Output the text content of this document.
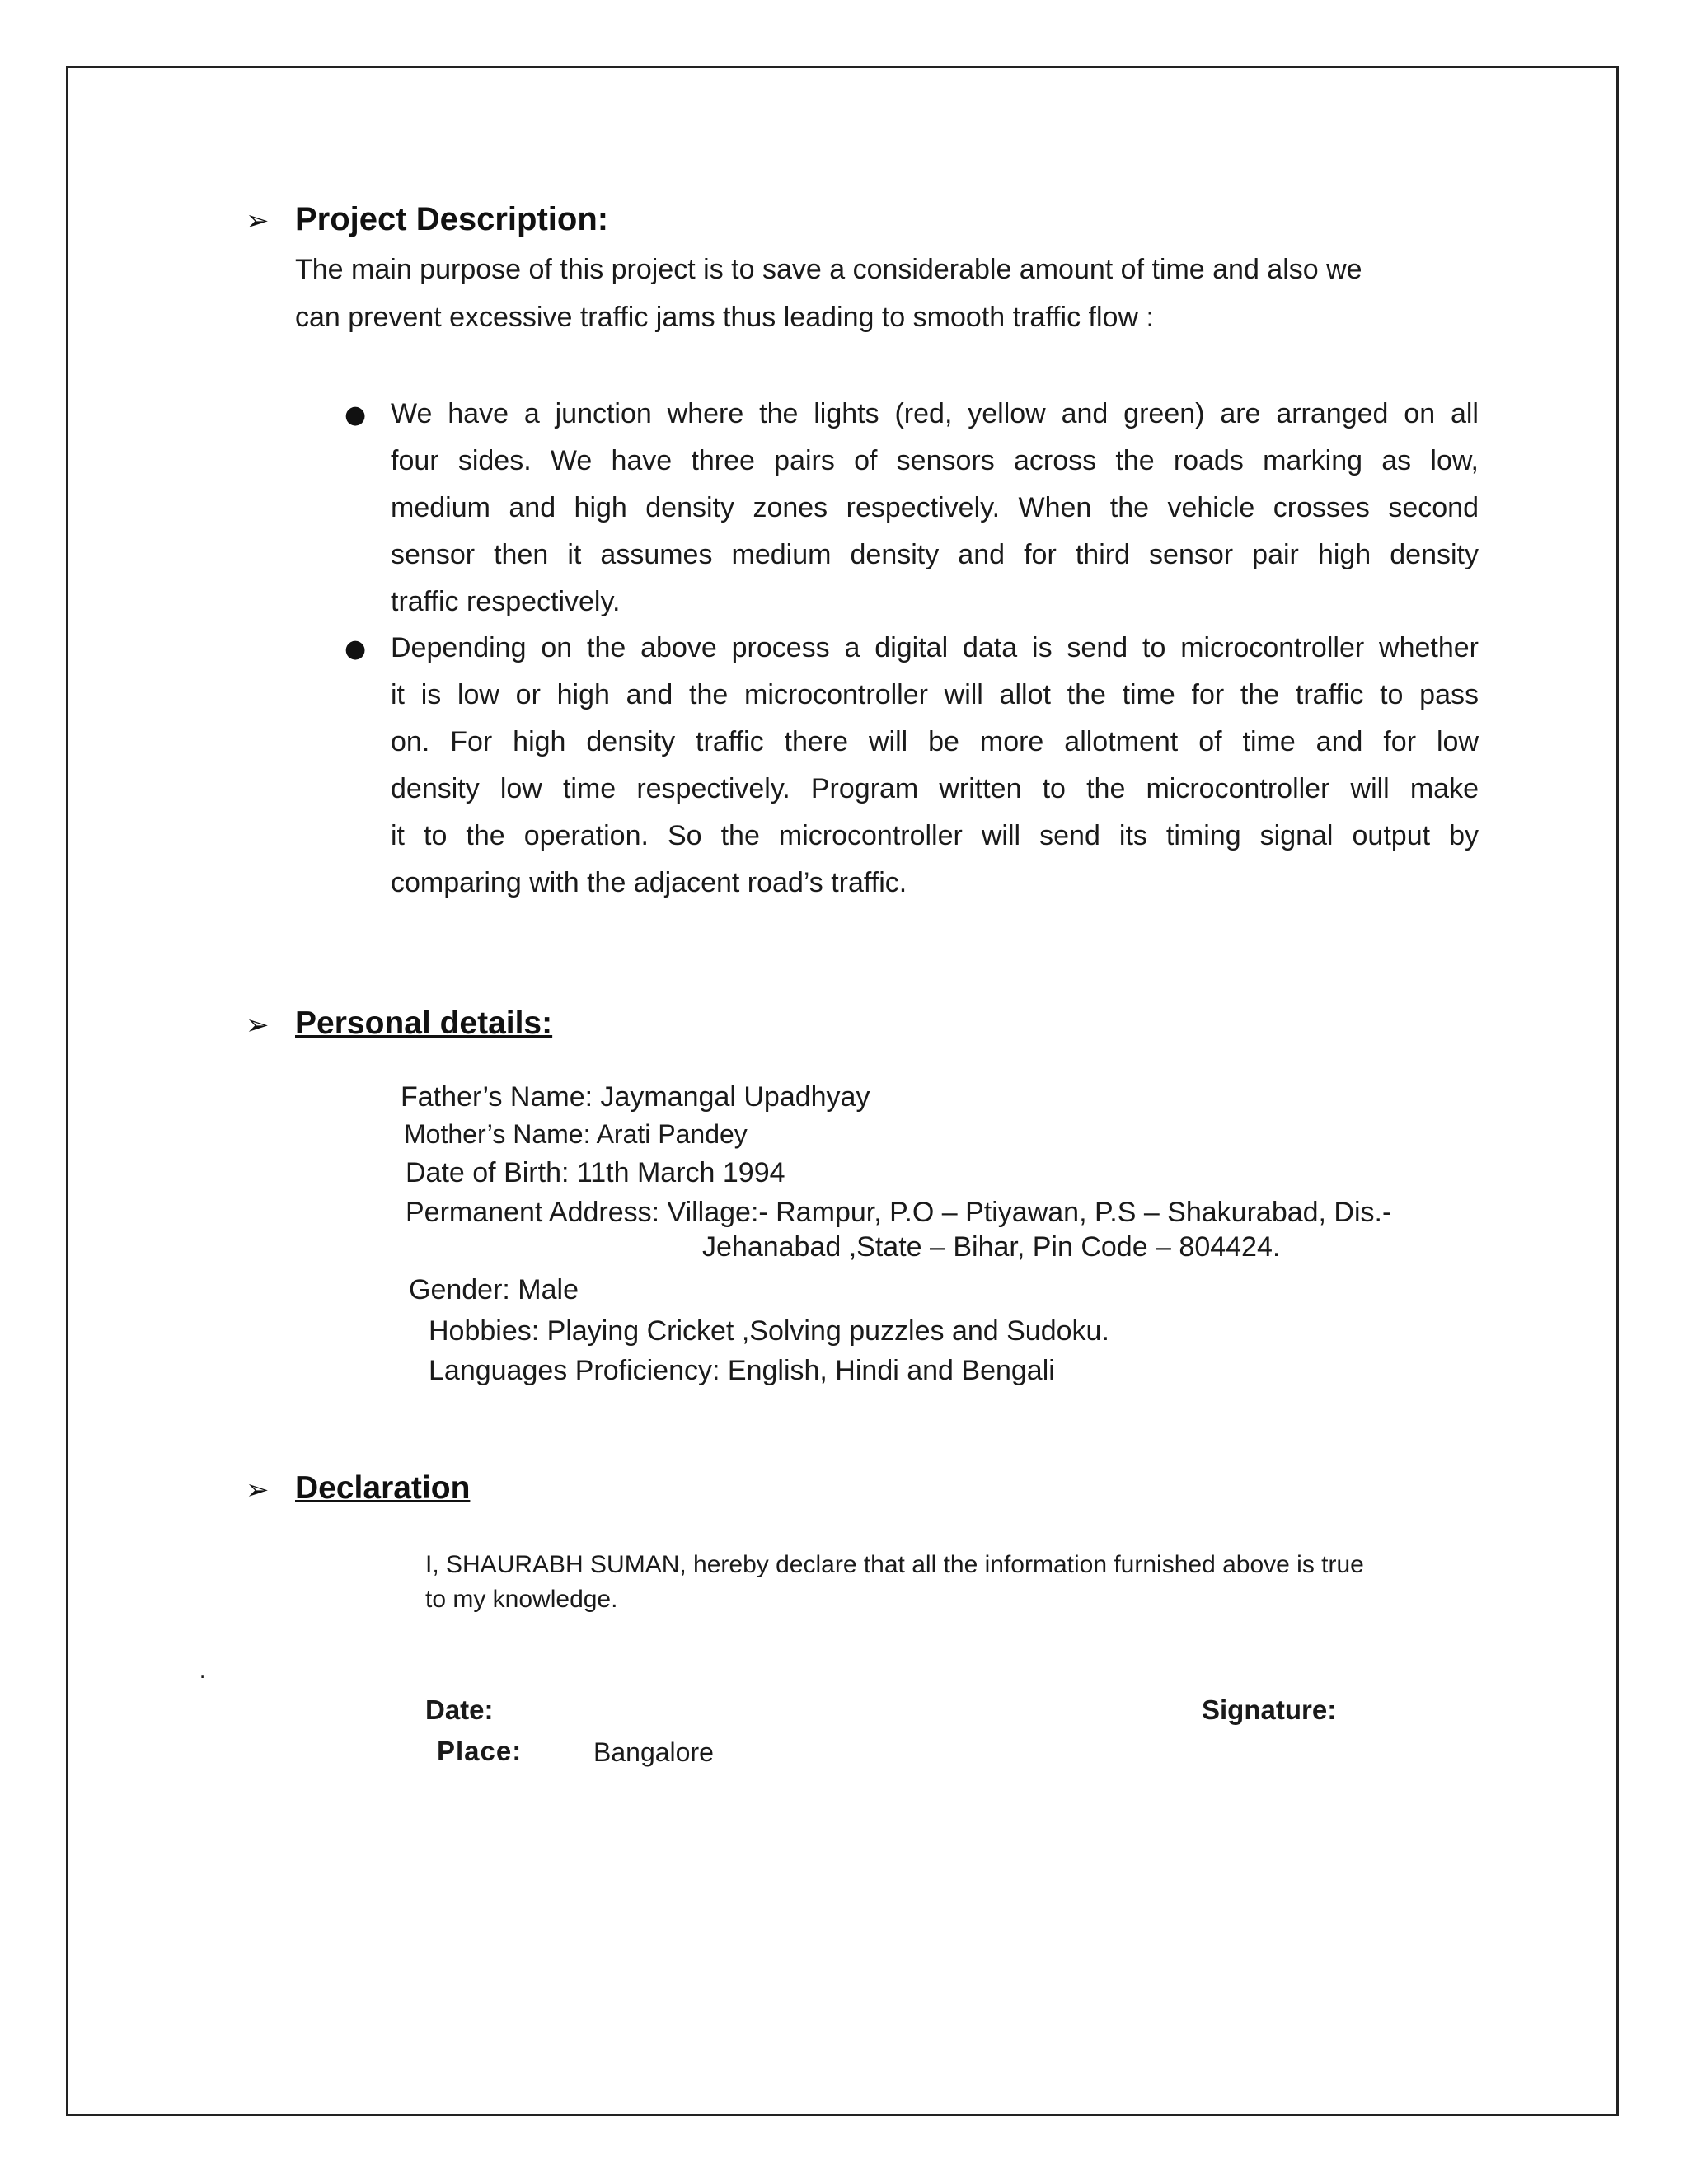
➢ Project Description:
The main purpose of this project is to save a considerable amount of time and also we
can prevent excessive traffic jams thus leading to smooth traffic flow :
● We have a junction where the lights (red, yellow and green) are arranged on all
four sides. We have three pairs of sensors across the roads marking as low,
medium and high density zones respectively. When the vehicle crosses second
sensor then it assumes medium density and for third sensor pair high density
traffic respectively.
● Depending on the above process a digital data is send to microcontroller whether
it is low or high and the microcontroller will allot the time for the traffic to pass
on. For high density traffic there will be more allotment of time and for low
density low time respectively. Program written to the microcontroller will make
it to the operation. So the microcontroller will send its timing signal output by
comparing with the adjacent road’s traffic.
➢ Personal details:
Father’s Name: Jaymangal Upadhyay
Mother’s Name: Arati Pandey
Date of Birth: 11th March 1994
Permanent Address: Village:- Rampur, P.O – Ptiyawan, P.S – Shakurabad, Dis.-
Jehanabad ,State – Bihar, Pin Code – 804424.
Gender: Male
Hobbies: Playing Cricket ,Solving puzzles and Sudoku.
Languages Proficiency: English, Hindi and Bengali
➢ Declaration
I, SHAURABH SUMAN, hereby declare that all the information furnished above is true
to my knowledge.
.
Date:	Signature:
Place:	Bangalore
